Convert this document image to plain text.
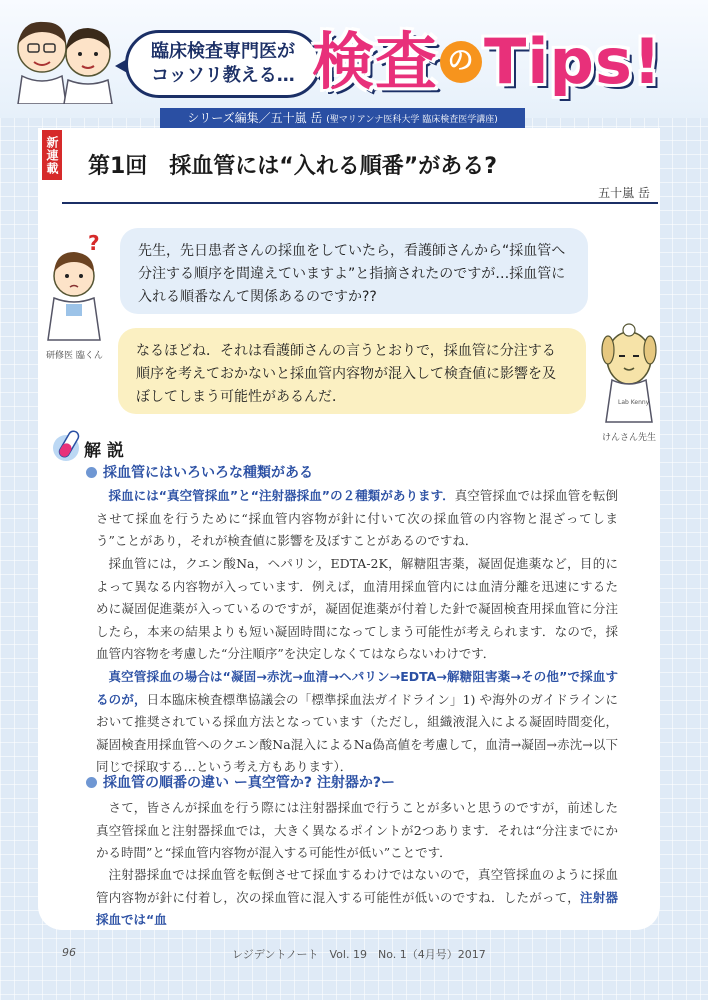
臨床検査専門医が
コッソリ教える… 検査 の Tips!
シリーズ編集／五十嵐 岳 (聖マリアンナ医科大学 臨床検査医学講座)
新連載 第1回　採血管には“入れる順番”がある?
五十嵐 岳
?
研修医 臨くん
先生，先日患者さんの採血をしていたら，看護師さんから“採血管へ分注する順序を間違えていますよ”と指摘されたのですが…採血管に入れる順番なんて関係あるのですか??
なるほどね．それは看護師さんの言うとおりで，採血管に分注する順序を考えておかないと採血管内容物が混入して検査値に影響を及ぼしてしまう可能性があるんだ．	Lab Kenny
けんさん先生
解 説
採血管にはいろいろな種類がある

採血には“真空管採血”と“注射器採血”の２種類があります．真空管採血では採血管を転倒させて採血を行うために“採血管内容物が針に付いて次の採血管の内容物と混ざってしまう”ことがあり，それが検査値に影響を及ぼすことがあるのですね．

採血管には，クエン酸Na，ヘパリン，EDTA-2K，解糖阻害薬，凝固促進薬など，目的によって異なる内容物が入っています．例えば，血清用採血管内には血清分離を迅速にするために凝固促進薬が入っているのですが，凝固促進薬が付着した針で凝固検査用採血管に分注したら，本来の結果よりも短い凝固時間になってしまう可能性が考えられます．なので，採血管内容物を考慮した“分注順序”を決定しなくてはならないわけです．

真空管採血の場合は“凝固→赤沈→血清→ヘパリン→EDTA→解糖阻害薬→その他”で採血するのが，日本臨床検査標準協議会の「標準採血法ガイドライン」1) や海外のガイドラインにおいて推奨されている採血方法となっています（ただし，組織液混入による凝固時間変化，凝固検査用採血管へのクエン酸Na混入によるNa偽高値を考慮して，血清→凝固→赤沈→以下同じで採取する…という考え方もあります）．

採血管の順番の違い ー真空管か? 注射器か?ー

さて，皆さんが採血を行う際には注射器採血で行うことが多いと思うのですが，前述した真空管採血と注射器採血では，大きく異なるポイントが2つあります．それは“分注までにかかる時間”と“採血管内容物が混入する可能性が低い”ことです．

注射器採血では採血管を転倒させて採血するわけではないので，真空管採血のように採血管内容物が針に付着し，次の採血管に混入する可能性が低いのですね．したがって，注射器採血では“血

96	レジデントノート　Vol. 19　No. 1（4月号）2017
